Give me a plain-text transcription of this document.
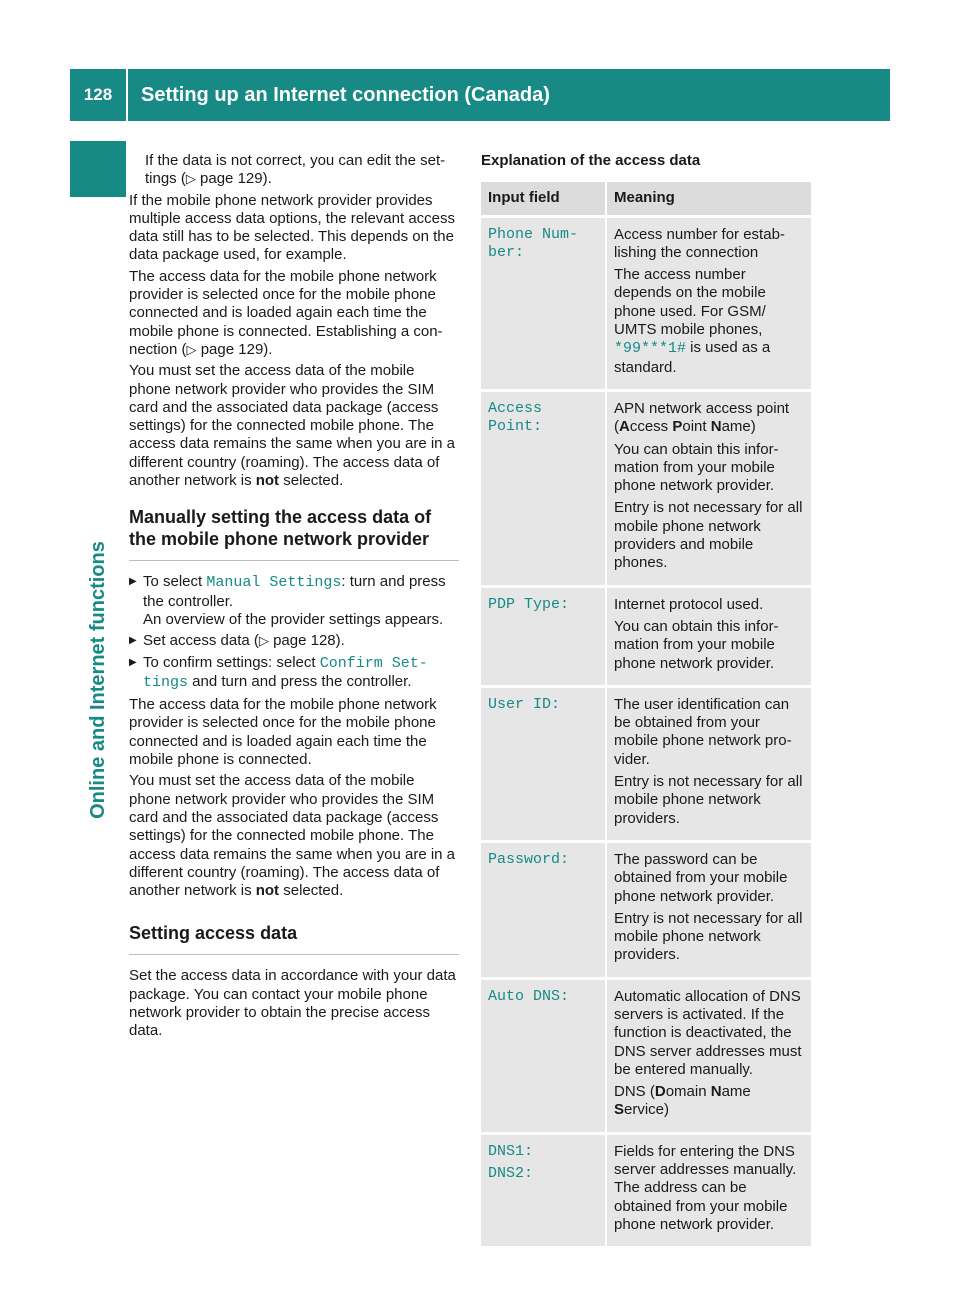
128	Setting up an Internet connection (Canada)
Online and Internet functions

If the data is not correct, you can edit the set-tings (▷ page 129).

If the mobile phone network provider provides multiple access data options, the relevant access data still has to be selected. This depends on the data package used, for example.

The access data for the mobile phone network provider is selected once for the mobile phone connected and is loaded again each time the mobile phone is connected. Establishing a con-nection (▷ page 129).

You must set the access data of the mobile phone network provider who provides the SIM card and the associated data package (access settings) for the connected mobile phone. The access data remains the same when you are in a different country (roaming). The access data of another network is not selected.

Manually setting the access data of the mobile phone network provider
▶ To select Manual Settings: turn and press the controller.
An overview of the provider settings appears.
▶ Set access data (▷ page 128).
▶ To confirm settings: select Confirm Set‐ tings and turn and press the controller.

The access data for the mobile phone network provider is selected once for the mobile phone connected and is loaded again each time the mobile phone is connected.

You must set the access data of the mobile phone network provider who provides the SIM card and the associated data package (access settings) for the connected mobile phone. The access data remains the same when you are in a different country (roaming). The access data of another network is not selected.

Setting access data

Set the access data in accordance with your data package. You can contact your mobile phone network provider to obtain the precise access data.

Explanation of the access data
Input field	Meaning

Phone Num‐ ber:	Access number for estab-lishing the connection

The access number depends on the mobile phone used. For GSM/ UMTS mobile phones, *99***1# is used as a standard.

Access Point:	APN network access point (Access Point Name)

You can obtain this infor-mation from your mobile phone network provider.

Entry is not necessary for all mobile phone network providers and mobile phones.

PDP Type:	Internet protocol used.

You can obtain this infor-mation from your mobile phone network provider.

User ID:	The user identification can be obtained from your mobile phone network pro-vider.

Entry is not necessary for all mobile phone network providers.

Password:	The password can be obtained from your mobile phone network provider.

Entry is not necessary for all mobile phone network providers.

Auto DNS:	Automatic allocation of DNS servers is activated. If the function is deactivated, the DNS server addresses must be entered manually.

DNS (Domain Name Service)

DNS1:
DNS2:	Fields for entering the DNS server addresses manually. The address can be obtained from your mobile phone network provider.
